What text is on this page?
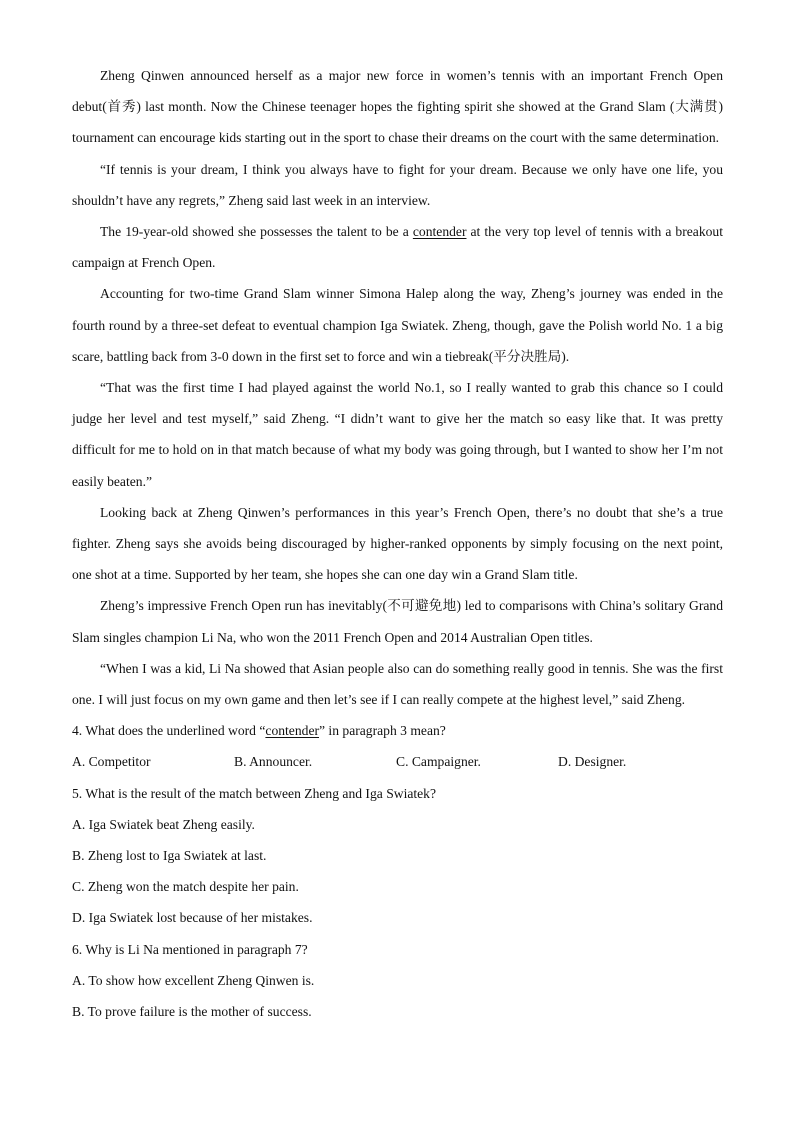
Zheng Qinwen announced herself as a major new force in women’s tennis with an important French Open debut(首秀) last month. Now the Chinese teenager hopes the fighting spirit she showed at the Grand Slam (大满贯) tournament can encourage kids starting out in the sport to chase their dreams on the court with the same determination.

“If tennis is your dream, I think you always have to fight for your dream. Because we only have one life, you shouldn’t have any regrets,” Zheng said last week in an interview.

The 19-year-old showed she possesses the talent to be a contender at the very top level of tennis with a breakout campaign at French Open.

Accounting for two-time Grand Slam winner Simona Halep along the way, Zheng’s journey was ended in the fourth round by a three-set defeat to eventual champion Iga Swiatek. Zheng, though, gave the Polish world No. 1 a big scare, battling back from 3-0 down in the first set to force and win a tiebreak(平分决胜局).

“That was the first time I had played against the world No.1, so I really wanted to grab this chance so I could judge her level and test myself,” said Zheng. “I didn’t want to give her the match so easy like that. It was pretty difficult for me to hold on in that match because of what my body was going through, but I wanted to show her I’m not easily beaten.”

Looking back at Zheng Qinwen’s performances in this year’s French Open, there’s no doubt that she’s a true fighter. Zheng says she avoids being discouraged by higher-ranked opponents by simply focusing on the next point, one shot at a time. Supported by her team, she hopes she can one day win a Grand Slam title.

Zheng’s impressive French Open run has inevitably(不可避免地) led to comparisons with China’s solitary Grand Slam singles champion Li Na, who won the 2011 French Open and 2014 Australian Open titles.

“When I was a kid, Li Na showed that Asian people also can do something really good in tennis. She was the first one. I will just focus on my own game and then let’s see if I can really compete at the highest level,” said Zheng.

4. What does the underlined word “contender” in paragraph 3 mean?

A. Competitor	B. Announcer.	C. Campaigner.	D. Designer.

5. What is the result of the match between Zheng and Iga Swiatek?

A. Iga Swiatek beat Zheng easily.

B. Zheng lost to Iga Swiatek at last.

C. Zheng won the match despite her pain.

D. Iga Swiatek lost because of her mistakes.

6. Why is Li Na mentioned in paragraph 7?

A. To show how excellent Zheng Qinwen is.

B. To prove failure is the mother of success.
